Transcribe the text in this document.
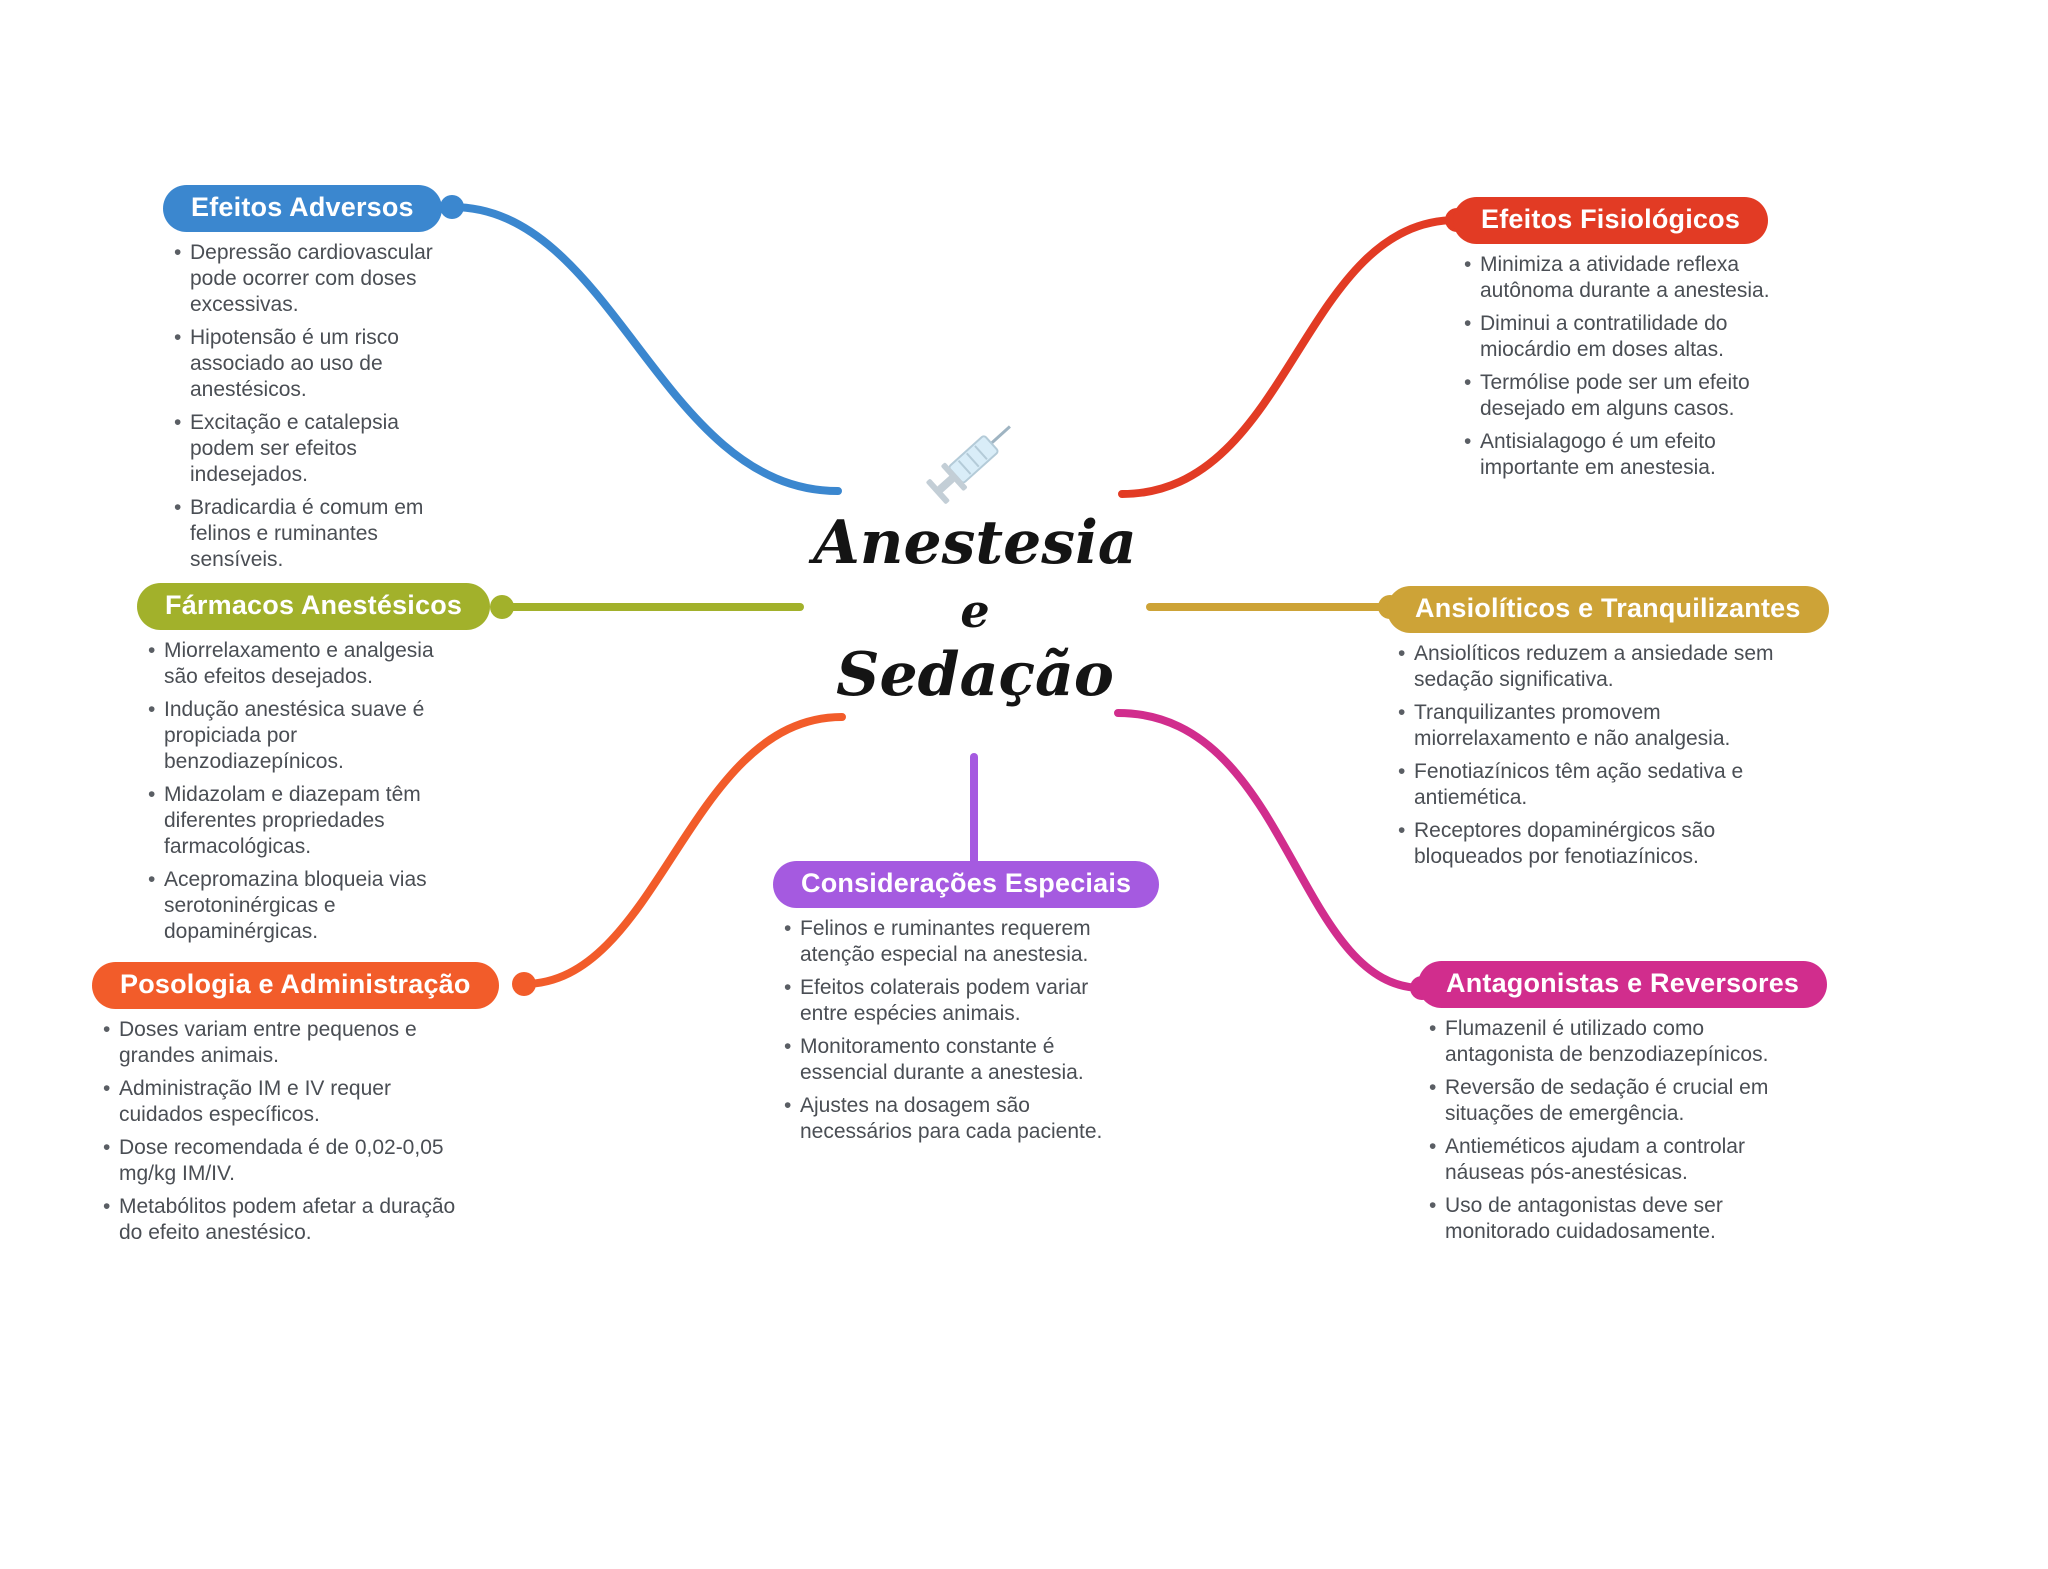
Anestesia
e
Sedação
Efeitos Adversos
• Depressão cardiovascular pode ocorrer com doses excessivas.
• Hipotensão é um risco associado ao uso de anestésicos.
• Excitação e catalepsia podem ser efeitos indesejados.
• Bradicardia é comum em felinos e ruminantes sensíveis.
Fármacos Anestésicos
• Miorrelaxamento e analgesia são efeitos desejados.
• Indução anestésica suave é propiciada por benzodiazepínicos.
• Midazolam e diazepam têm diferentes propriedades farmacológicas.
• Acepromazina bloqueia vias serotoninérgicas e dopaminérgicas.
Posologia e Administração
• Doses variam entre pequenos e grandes animais.
• Administração IM e IV requer cuidados específicos.
• Dose recomendada é de 0,02-0,05 mg/kg IM/IV.
• Metabólitos podem afetar a duração do efeito anestésico.
Efeitos Fisiológicos
• Minimiza a atividade reflexa autônoma durante a anestesia.
• Diminui a contratilidade do miocárdio em doses altas.
• Termólise pode ser um efeito desejado em alguns casos.
• Antisialagogo é um efeito importante em anestesia.
Ansiolíticos e Tranquilizantes
• Ansiolíticos reduzem a ansiedade sem sedação significativa.
• Tranquilizantes promovem miorrelaxamento e não analgesia.
• Fenotiazínicos têm ação sedativa e antiemética.
• Receptores dopaminérgicos são bloqueados por fenotiazínicos.
Antagonistas e Reversores
• Flumazenil é utilizado como antagonista de benzodiazepínicos.
• Reversão de sedação é crucial em situações de emergência.
• Antieméticos ajudam a controlar náuseas pós-anestésicas.
• Uso de antagonistas deve ser monitorado cuidadosamente.
Considerações Especiais
• Felinos e ruminantes requerem atenção especial na anestesia.
• Efeitos colaterais podem variar entre espécies animais.
• Monitoramento constante é essencial durante a anestesia.
• Ajustes na dosagem são necessários para cada paciente.
